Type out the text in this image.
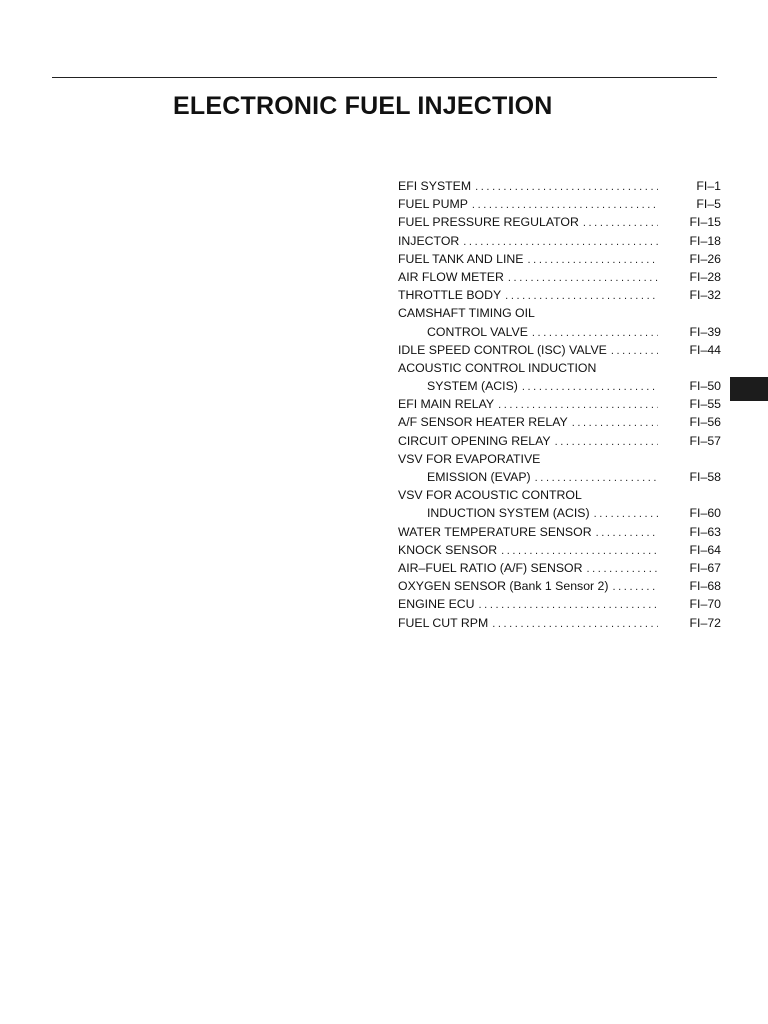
ELECTRONIC FUEL INJECTION
EFI SYSTEM .....	FI–1
FUEL PUMP .....	FI–5
FUEL PRESSURE REGULATOR .....	FI–15
INJECTOR .....	FI–18
FUEL TANK AND LINE .....	FI–26
AIR FLOW METER .....	FI–28
THROTTLE BODY .....	FI–32
CAMSHAFT TIMING OIL
CONTROL VALVE .....	FI–39
IDLE SPEED CONTROL (ISC) VALVE .....	FI–44
ACOUSTIC CONTROL INDUCTION
SYSTEM (ACIS) .....	FI–50
EFI MAIN RELAY .....	FI–55
A/F SENSOR HEATER RELAY .....	FI–56
CIRCUIT OPENING RELAY .....	FI–57
VSV FOR EVAPORATIVE
EMISSION (EVAP) .....	FI–58
VSV FOR ACOUSTIC CONTROL
INDUCTION SYSTEM (ACIS) .....	FI–60
WATER TEMPERATURE SENSOR .....	FI–63
KNOCK SENSOR .....	FI–64
AIR–FUEL RATIO (A/F) SENSOR .....	FI–67
OXYGEN SENSOR (Bank 1 Sensor 2) .....	FI–68
ENGINE ECU .....	FI–70
FUEL CUT RPM .....	FI–72
